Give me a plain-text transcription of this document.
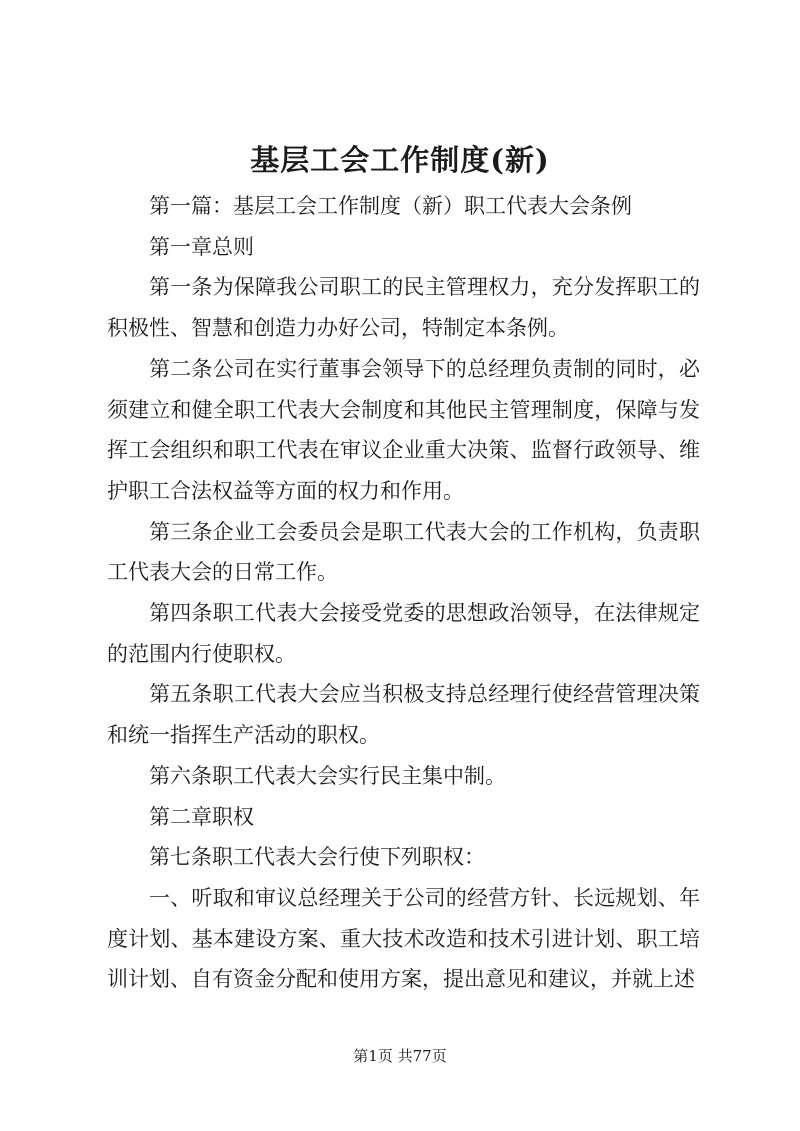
基层工会工作制度(新)

第一篇：基层工会工作制度（新）职工代表大会条例

第一章总则

第一条为保障我公司职工的民主管理权力，充分发挥职工的积极性、智慧和创造力办好公司，特制定本条例。

第二条公司在实行董事会领导下的总经理负责制的同时，必须建立和健全职工代表大会制度和其他民主管理制度，保障与发挥工会组织和职工代表在审议企业重大决策、监督行政领导、维护职工合法权益等方面的权力和作用。

第三条企业工会委员会是职工代表大会的工作机构，负责职工代表大会的日常工作。

第四条职工代表大会接受党委的思想政治领导，在法律规定的范围内行使职权。

第五条职工代表大会应当积极支持总经理行使经营管理决策和统一指挥生产活动的职权。

第六条职工代表大会实行民主集中制。

第二章职权

第七条职工代表大会行使下列职权：

一、听取和审议总经理关于公司的经营方针、长远规划、年度计划、基本建设方案、重大技术改造和技术引进计划、职工培训计划、自有资金分配和使用方案，提出意见和建议，并就上述

第1页 共77页
